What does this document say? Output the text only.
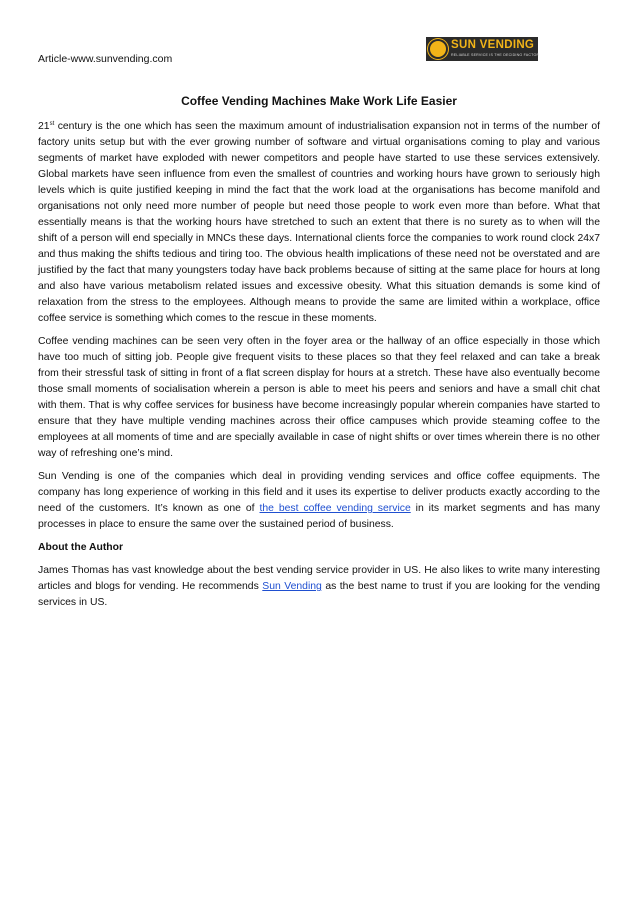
Article-www.sunvending.com
SUN VENDING
RELIABLE SERVICE IS THE DECIDING FACTOR
Coffee Vending Machines Make Work Life Easier

21st century is the one which has seen the maximum amount of industrialisation expansion not in terms of the number of factory units setup but with the ever growing number of software and virtual organisations coming to play and various segments of market have exploded with newer competitors and people have started to use these services extensively. Global markets have seen influence from even the smallest of countries and working hours have grown to seriously high levels which is quite justified keeping in mind the fact that the work load at the organisations has become manifold and organisations not only need more number of people but need those people to work even more than before. What that essentially means is that the working hours have stretched to such an extent that there is no surety as to when will the shift of a person will end specially in MNCs these days. International clients force the companies to work round clock 24x7 and thus making the shifts tedious and tiring too. The obvious health implications of these need not be overstated and are justified by the fact that many youngsters today have back problems because of sitting at the same place for hours at long and also have various metabolism related issues and excessive obesity. What this situation demands is some kind of relaxation from the stress to the employees. Although means to provide the same are limited within a workplace, office coffee service is something which comes to the rescue in these moments.

Coffee vending machines can be seen very often in the foyer area or the hallway of an office especially in those which have too much of sitting job. People give frequent visits to these places so that they feel relaxed and can take a break from their stressful task of sitting in front of a flat screen display for hours at a stretch. These have also eventually become those small moments of socialisation wherein a person is able to meet his peers and seniors and have a small chit chat with them. That is why coffee services for business have become increasingly popular wherein companies have started to ensure that they have multiple vending machines across their office campuses which provide steaming coffee to the employees at all moments of time and are specially available in case of night shifts or over times wherein there is no other way of refreshing one’s mind.

Sun Vending is one of the companies which deal in providing vending services and office coffee equipments. The company has long experience of working in this field and it uses its expertise to deliver products exactly according to the need of the customers. It’s known as one of the best coffee vending service in its market segments and has many processes in place to ensure the same over the sustained period of business.

About the Author

James Thomas has vast knowledge about the best vending service provider in US. He also likes to write many interesting articles and blogs for vending. He recommends Sun Vending as the best name to trust if you are looking for the vending services in US.
